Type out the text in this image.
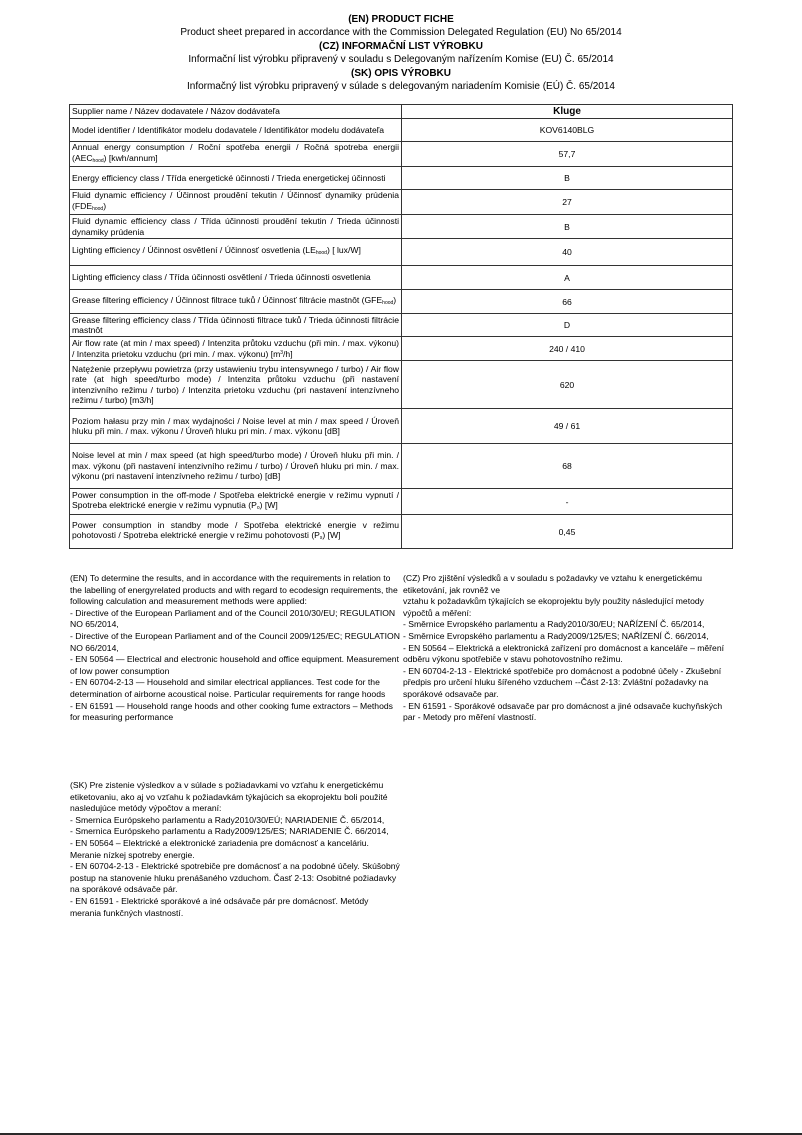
(EN) PRODUCT FICHE
Product sheet prepared in accordance with the Commission Delegated Regulation (EU) No 65/2014
(CZ) INFORMAČNÍ LIST VÝROBKU
Informační list výrobku připravený v souladu s Delegovaným nařízením Komise (EU) Č. 65/2014
(SK) OPIS VÝROBKU
Informačný list výrobku pripravený v súlade s delegovaným nariadením Komisie (EÚ) Č. 65/2014
Supplier name / Název dodavatele / Názov dodávateľa	Kluge
Model identifier / Identifikátor modelu dodavatele / Identifikátor modelu dodávateľa	KOV6140BLG
Annual energy consumption / Roční spotřeba energii / Ročná spotreba energii $(AEC_{hood})$ [kwh/annum]	57,7
Energy efficiency class / Třída energetické účinnosti / Trieda energetickej účinnosti	B
Fluid dynamic efficiency / Účinnost proudění tekutin / Účinnosť dynamiky prúdenia $(FDE_{hood})$	27
Fluid dynamic efficiency class / Třída účinnosti proudění tekutin / Trieda účinnosti dynamiky prúdenia	B
Lighting efficiency / Účinnost osvětlení / Účinnosť osvetlenia $(LE_{hood})$ [ lux/W]	40
Lighting efficiency class / Třída účinnosti osvětlení / Trieda účinnosti osvetlenia	A
Grease filtering efficiency / Účinnost filtrace tuků / Účinnosť filtrácie mastnôt $(GFE_{hood})$	66
Grease filtering efficiency class / Třída účinnosti filtrace tuků / Trieda účinnosti filtrácie mastnôt	D
Air flow rate (at min / max speed) / Intenzita průtoku vzduchu (při min. / max. výkonu) / Intenzita prietoku vzduchu (pri min. / max. výkonu) $[m^3/h]$	240 / 410
Natężenie przepływu powietrza (przy ustawieniu trybu intensywnego / turbo) / Air flow rate (at high speed/turbo mode) / Intenzita průtoku vzduchu (při nastavení intenzivního režimu / turbo) / Intenzita prietoku vzduchu (pri nastavení intenzívneho režimu / turbo) [m3/h]	620
Poziom hałasu przy min / max wydajności / Noise level at min / max speed / Úroveň hluku při min. / max. výkonu / Úroveň hluku pri min. / max. výkonu [dB]	49 / 61
Noise level at min / max speed (at high speed/turbo mode) / Úroveň hluku při min. / max. výkonu (při nastavení intenzivního režimu / turbo) / Úroveň hluku pri min. / max. výkonu (pri nastavení intenzívneho režimu / turbo) [dB]	68
Power consumption in the off-mode / Spotřeba elektrické energie v režimu vypnutí / Spotreba elektrické energie v režimu vypnutia $(P_o)$ [W]	-
Power consumption in standby mode / Spotřeba elektrické energie v režimu pohotovosti / Spotreba elektrické energie v režimu pohotovosti $(P_s)$ [W]	0,45

(EN) To determine the results, and in accordance with the requirements in relation to the labelling of energyrelated products and with regard to ecodesign requirements, the following calculation and measurement methods were applied:

- Directive of the European Parliament and of the Council 2010/30/EU; REGULATION NO 65/2014,

- Directive of the European Parliament and of the Council 2009/125/EC; REGULATION NO 66/2014,

- EN 50564 — Electrical and electronic household and office equipment. Measurement of low power consumption

- EN 60704-2-13 — Household and similar electrical appliances. Test code for the determination of airborne acoustical noise. Particular requirements for range hoods

- EN 61591 — Household range hoods and other cooking fume extractors – Methods for measuring performance

(CZ) Pro zjištění výsledků a v souladu s požadavky ve vztahu k energetickému etiketování, jak rovněž ve

vztahu k požadavkům týkajících se ekoprojektu byly použity následující metody výpočtů a měření:

- Směrnice Evropského parlamentu a Rady2010/30/EU; NAŘÍZENÍ Č. 65/2014,

- Směrnice Evropského parlamentu a Rady2009/125/ES; NAŘÍZENÍ Č. 66/2014,

- EN 50564 – Elektrická a elektronická zařízení pro domácnost a kanceláře – měření odběru výkonu spotřebiče v stavu pohotovostního režimu.

- EN 60704-2-13 - Elektrické spotřebiče pro domácnost a podobné účely - Zkušební předpis pro určení hluku šířeného vzduchem --Část 2-13: Zvláštní požadavky na sporákové odsavače par.

- EN 61591 - Sporákové odsavače par pro domácnost a jiné odsavače kuchyňských par - Metody pro měření vlastností.

(SK) Pre zistenie výsledkov a v súlade s požiadavkami vo vzťahu k energetickému etiketovaniu, ako aj vo vzťahu k požiadavkám týkajúcich sa ekoprojektu boli použité nasledujúce metódy výpočtov a meraní:

- Smernica Európskeho parlamentu a Rady2010/30/EÚ; NARIADENIE Č. 65/2014,

- Smernica Európskeho parlamentu a Rady2009/125/ES; NARIADENIE Č. 66/2014,

- EN 50564 – Elektrické a elektronické zariadenia pre domácnosť a kanceláriu. Meranie nízkej spotreby energie.

- EN 60704-2-13 - Elektrické spotrebiče pre domácnosť a na podobné účely. Skúšobný postup na stanovenie hluku prenášaného vzduchom. Časť 2-13: Osobitné požiadavky na sporákové odsávače pár.

- EN 61591 - Elektrické sporákové a iné odsávače pár pre domácnosť. Metódy merania funkčných vlastností.
